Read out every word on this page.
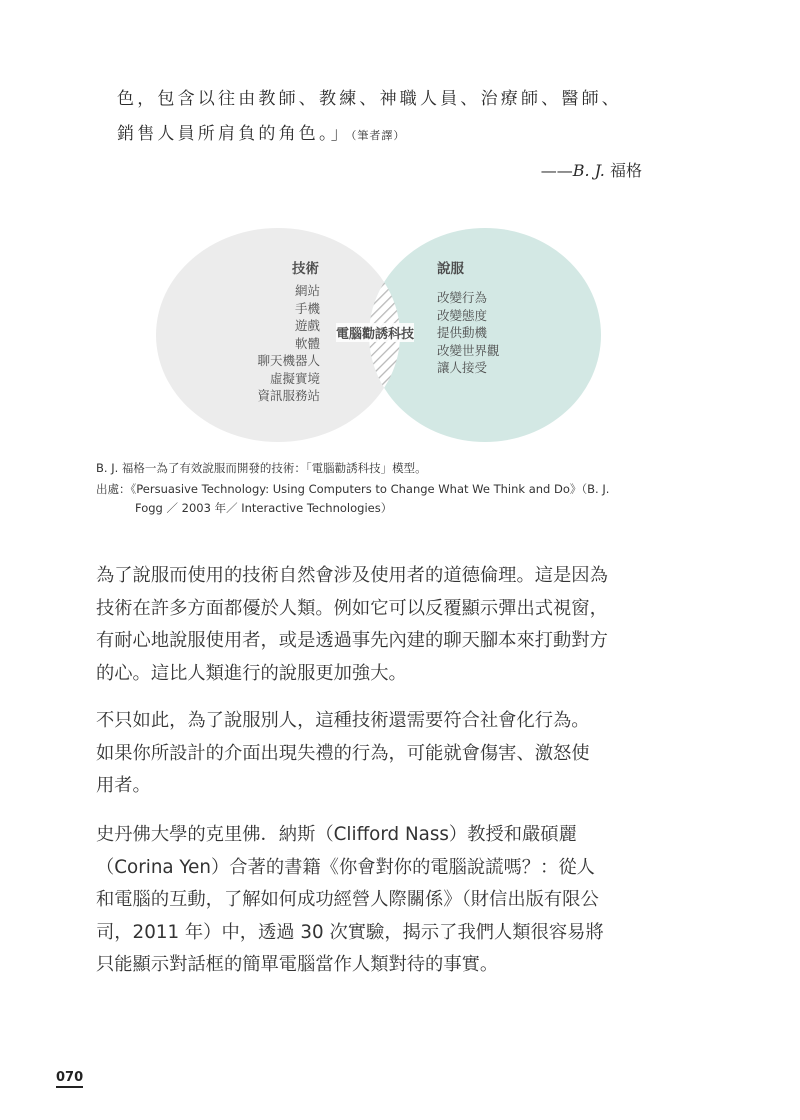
色，包含以往由教師、教練、神職人員、治療師、醫師、
銷售人員所肩負的角色。」（筆者譯）
——B. J. 福格
技術
網站
手機
遊戲
軟體
聊天機器人
虛擬實境
資訊服務站
說服
改變行為
改變態度
提供動機
改變世界觀
讓人接受
電腦勸誘科技
B. J. 福格一為了有效說服而開發的技術：「電腦勸誘科技」模型。
出處：《Persuasive Technology: Using Computers to Change What We Think and Do》（B. J.
Fogg ／ 2003 年／ Interactive Technologies）
為了說服而使用的技術自然會涉及使用者的道德倫理。這是因為
技術在許多方面都優於人類。例如它可以反覆顯示彈出式視窗，
有耐心地說服使用者，或是透過事先內建的聊天腳本來打動對方
的心。這比人類進行的說服更加強大。
不只如此，為了說服別人，這種技術還需要符合社會化行為。
如果你所設計的介面出現失禮的行為，可能就會傷害、激怒使
用者。
史丹佛大學的克里佛．納斯（Clifford Nass）教授和嚴碩麗
（Corina Yen）合著的書籍《你會對你的電腦說謊嗎？：從人
和電腦的互動，了解如何成功經營人際關係》（財信出版有限公
司，2011 年）中，透過 30 次實驗，揭示了我們人類很容易將
只能顯示對話框的簡單電腦當作人類對待的事實。
070
